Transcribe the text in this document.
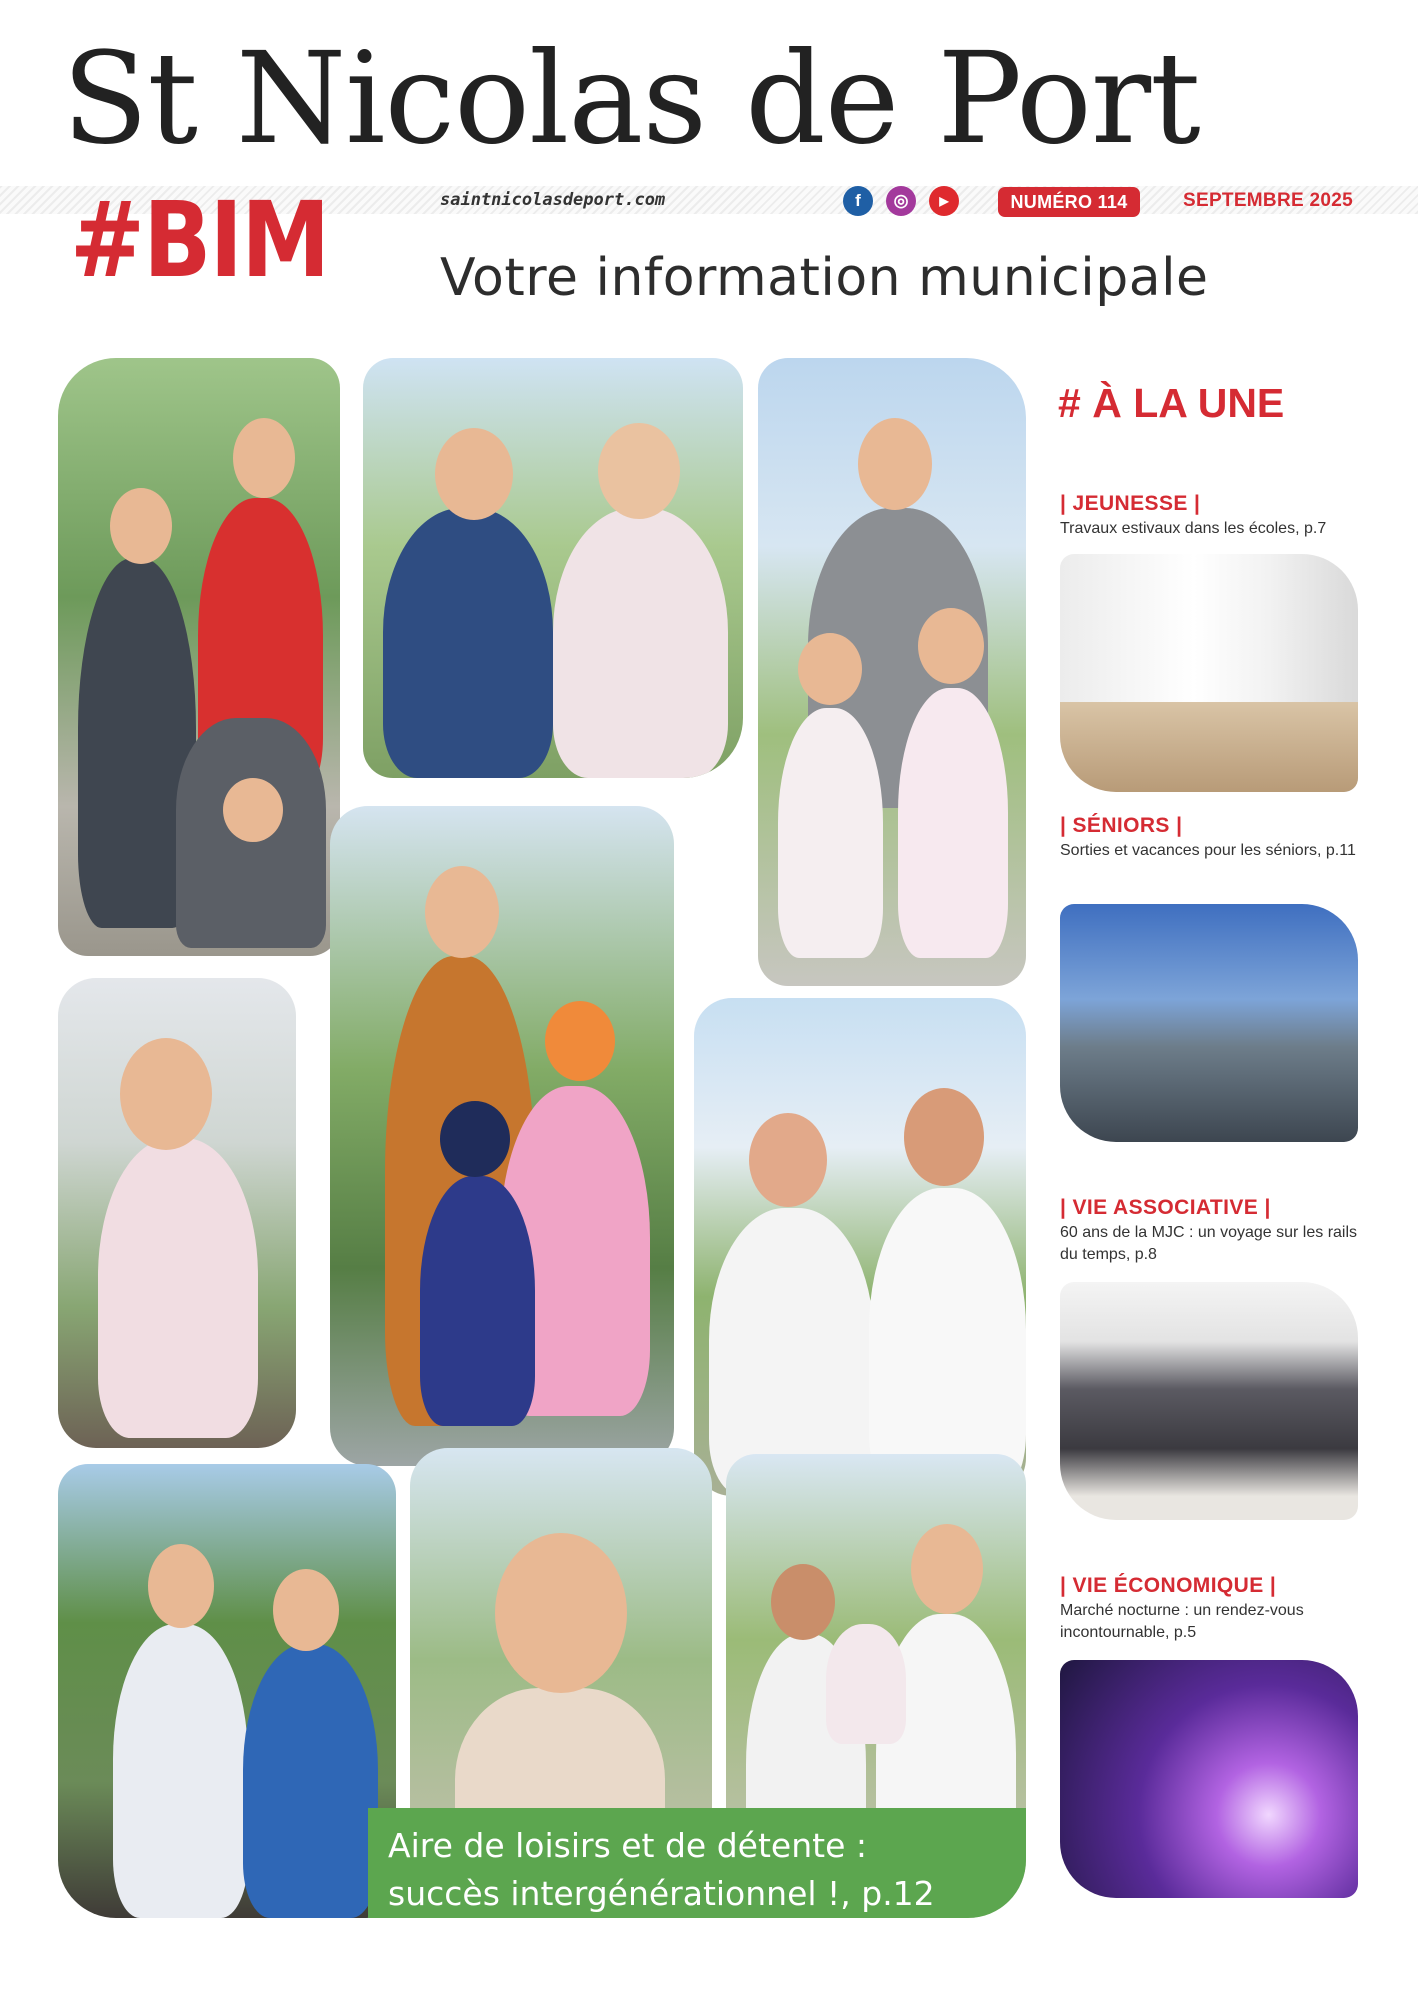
St Nicolas de Port
#BIM	saintnicolasdeport.com	f	◎	▶	NUMÉRO 114	SEPTEMBRE 2025
Votre information municipale
Aire de loisirs et de détente :
succès intergénérationnel !, p.12
# À LA UNE
| JEUNESSE |
Travaux estivaux dans les écoles, p.7
| SÉNIORS |
Sorties et vacances pour les séniors, p.11
| VIE ASSOCIATIVE |
60 ans de la MJC : un voyage sur les rails du temps, p.8
| VIE ÉCONOMIQUE |
Marché nocturne : un rendez-vous incontournable, p.5
